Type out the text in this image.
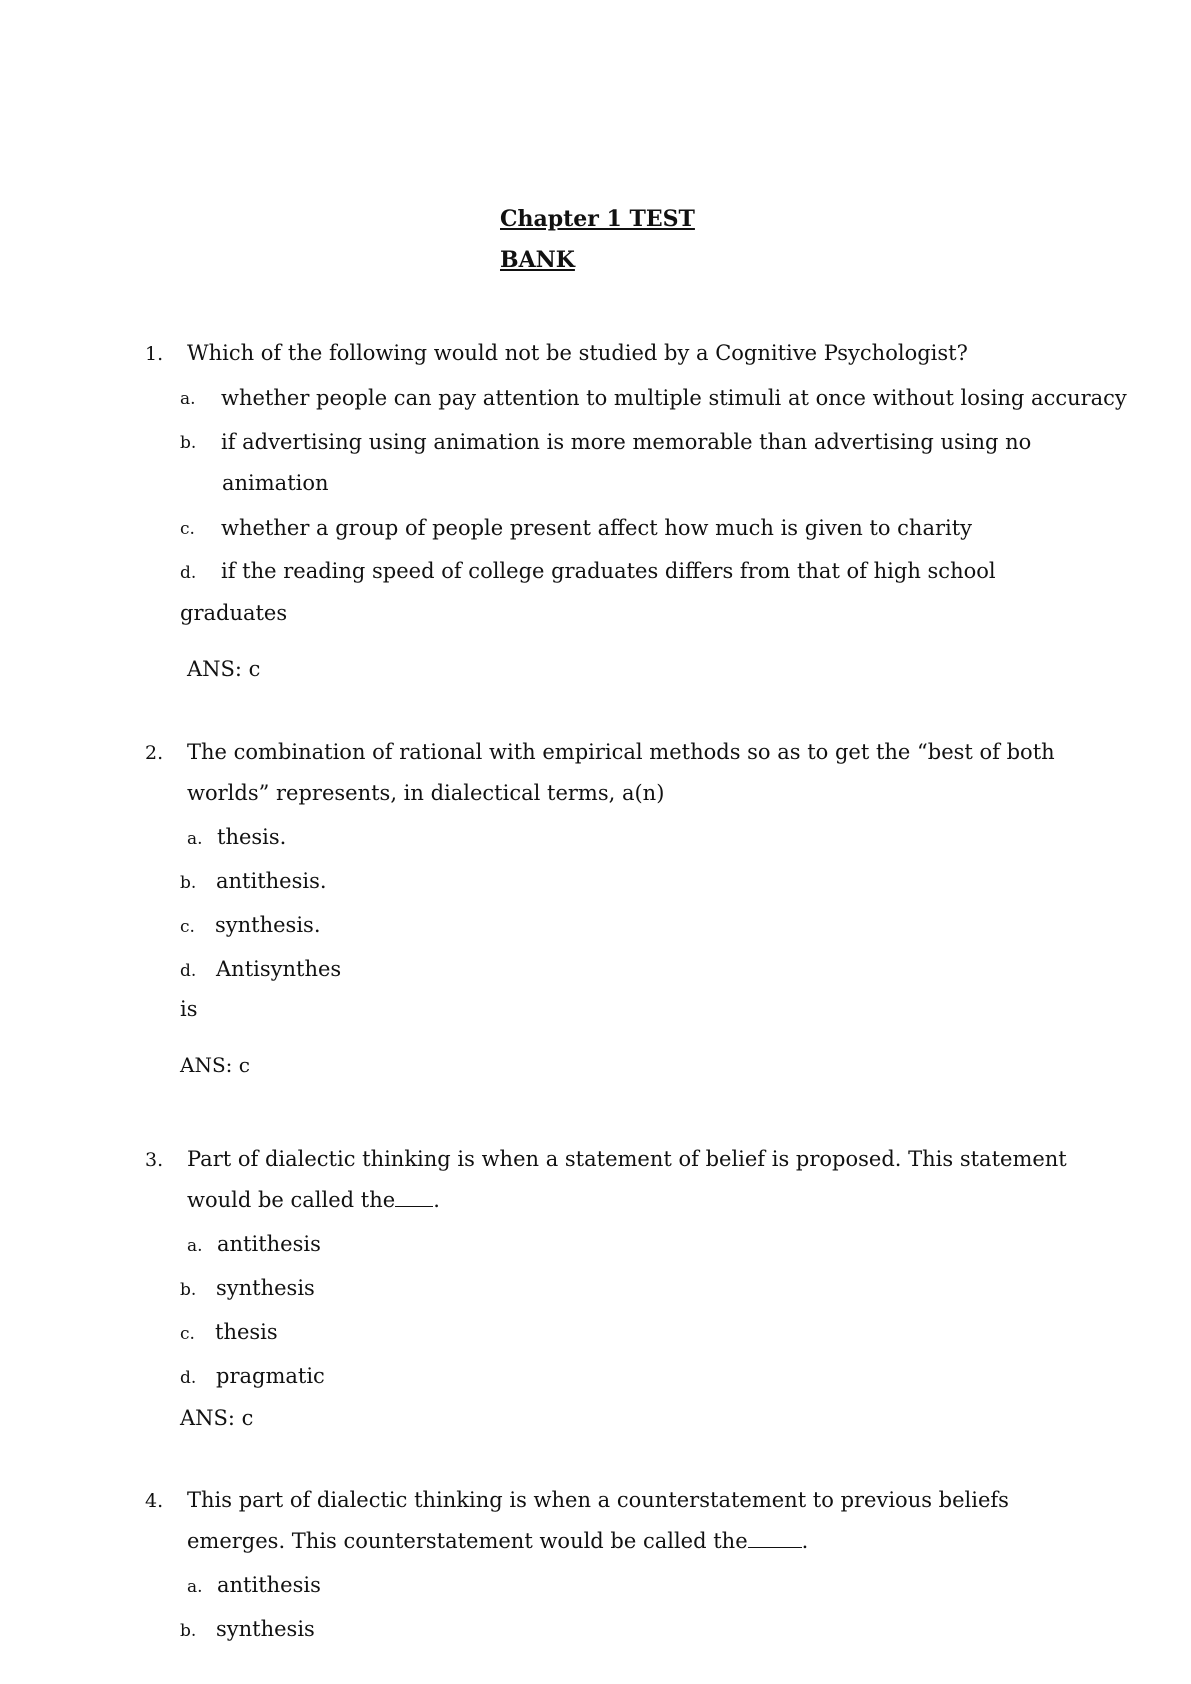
Chapter 1 TEST
BANK
1. Which of the following would not be studied by a Cognitive Psychologist?
a. whether people can pay attention to multiple stimuli at once without losing accuracy
b. if advertising using animation is more memorable than advertising using no
animation
c. whether a group of people present affect how much is given to charity
d. if the reading speed of college graduates differs from that of high school
graduates
ANS: c
2. The combination of rational with empirical methods so as to get the “best of both
worlds” represents, in dialectical terms, a(n)
a. thesis.
b. antithesis.
c. synthesis.
d. Antisynthes
is
ANS: c
3. Part of dialectic thinking is when a statement of belief is proposed. This statement
would be called the .
a. antithesis
b. synthesis
c. thesis
d. pragmatic
ANS: c
4. This part of dialectic thinking is when a counterstatement to previous beliefs
emerges. This counterstatement would be called the	.
a. antithesis
b. synthesis
